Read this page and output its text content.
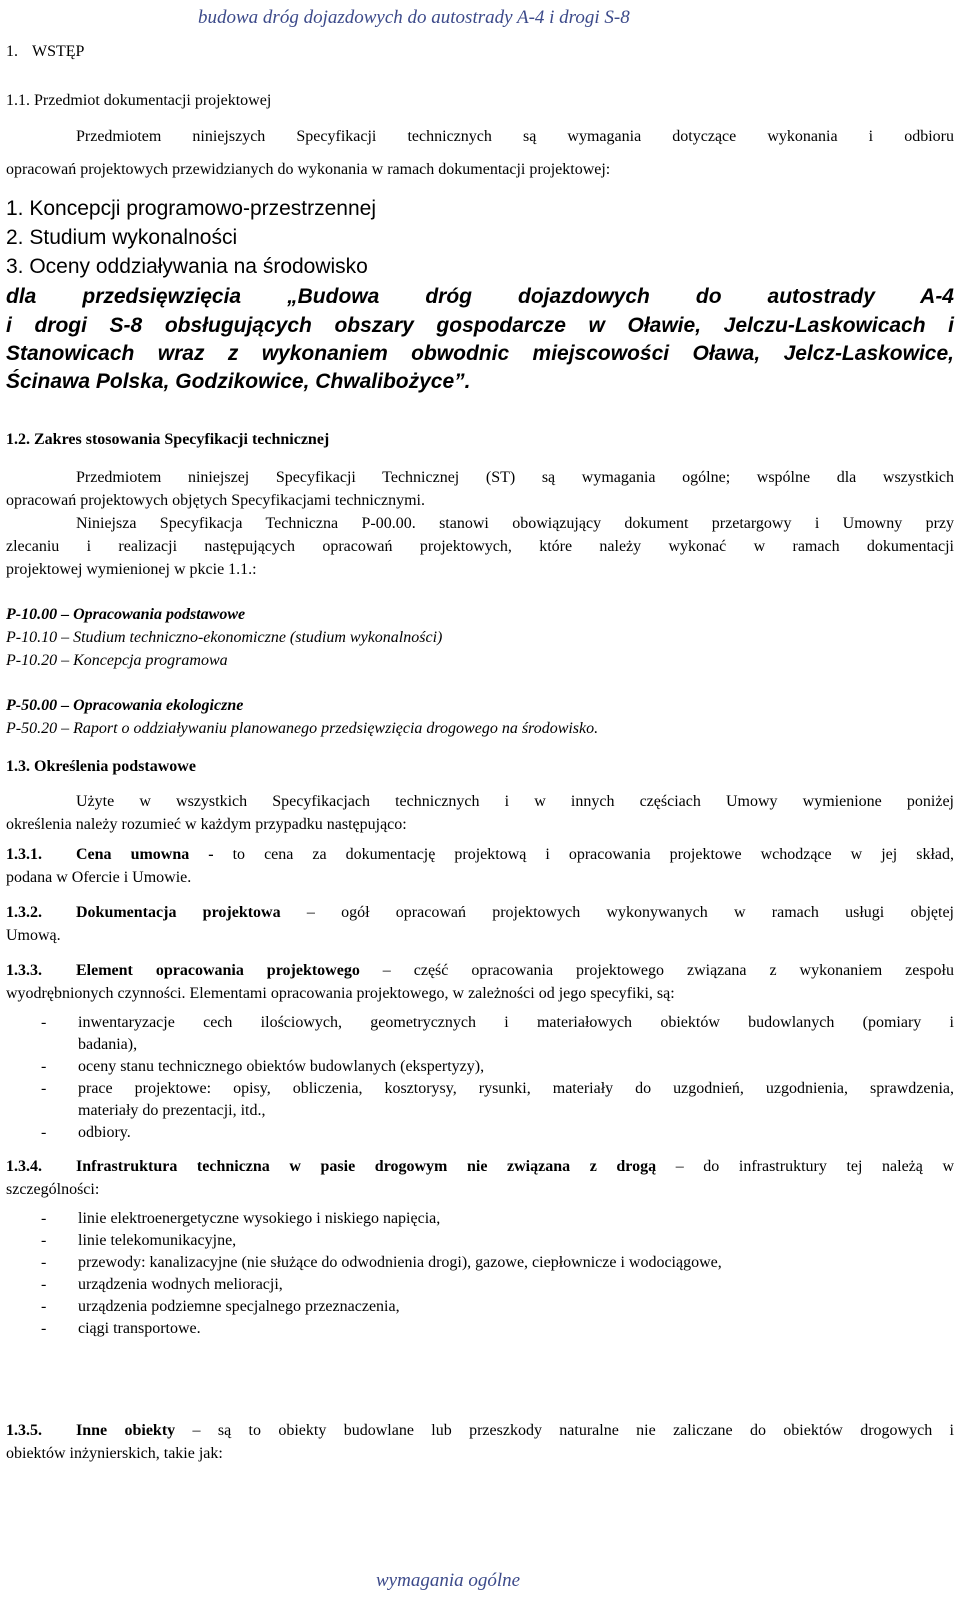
budowa dróg dojazdowych do autostrady A-4 i drogi S-8
1. WSTĘP
1.1. Przedmiot dokumentacji projektowej
Przedmiotem niniejszych Specyfikacji technicznych są wymagania dotyczące wykonania i odbioru
opracowań projektowych przewidzianych do wykonania w ramach dokumentacji projektowej:
1. Koncepcji programowo-przestrzennej
2. Studium wykonalności
3. Oceny oddziaływania na środowisko
dla przedsięwzięcia „Budowa dróg dojazdowych do autostrady A-4
i drogi S-8 obsługujących obszary gospodarcze w Oławie, Jelczu-Laskowicach i
Stanowicach wraz z wykonaniem obwodnic miejscowości Oława, Jelcz-Laskowice,
Ścinawa Polska, Godzikowice, Chwalibożyce”.
1.2. Zakres stosowania Specyfikacji technicznej
Przedmiotem niniejszej Specyfikacji Technicznej (ST) są wymagania ogólne; wspólne dla wszystkich
opracowań projektowych objętych Specyfikacjami technicznymi.
Niniejsza Specyfikacja Techniczna P-00.00. stanowi obowiązujący dokument przetargowy i Umowny przy
zlecaniu i realizacji następujących opracowań projektowych, które należy wykonać w ramach dokumentacji
projektowej wymienionej w pkcie 1.1.:
P-10.00 – Opracowania podstawowe
P-10.10 – Studium techniczno-ekonomiczne (studium wykonalności)
P-10.20 – Koncepcja programowa
P-50.00 – Opracowania ekologiczne
P-50.20 – Raport o oddziaływaniu planowanego przedsięwzięcia drogowego na środowisko.
1.3. Określenia podstawowe
Użyte w wszystkich Specyfikacjach technicznych i w innych częściach Umowy wymienione poniżej
określenia należy rozumieć w każdym przypadku następująco:
1.3.1. Cena umowna - to cena za dokumentację projektową i opracowania projektowe wchodzące w jej skład,
podana w Ofercie i Umowie.
1.3.2. Dokumentacja projektowa – ogół opracowań projektowych wykonywanych w ramach usługi objętej
Umową.
1.3.3. Element opracowania projektowego – część opracowania projektowego związana z wykonaniem zespołu
wyodrębnionych czynności. Elementami opracowania projektowego, w zależności od jego specyfiki, są:
- inwentaryzacje cech ilościowych, geometrycznych i materiałowych obiektów budowlanych (pomiary i
badania),
- oceny stanu technicznego obiektów budowlanych (ekspertyzy),
- prace projektowe: opisy, obliczenia, kosztorysy, rysunki, materiały do uzgodnień, uzgodnienia, sprawdzenia,
materiały do prezentacji, itd.,
- odbiory.
1.3.4. Infrastruktura techniczna w pasie drogowym nie związana z drogą – do infrastruktury tej należą w
szczególności:
- linie elektroenergetyczne wysokiego i niskiego napięcia,
- linie telekomunikacyjne,
- przewody: kanalizacyjne (nie służące do odwodnienia drogi), gazowe, ciepłownicze i wodociągowe,
- urządzenia wodnych melioracji,
- urządzenia podziemne specjalnego przeznaczenia,
- ciągi transportowe.
1.3.5. Inne obiekty – są to obiekty budowlane lub przeszkody naturalne nie zaliczane do obiektów drogowych i
obiektów inżynierskich, takie jak:
wymagania ogólne
